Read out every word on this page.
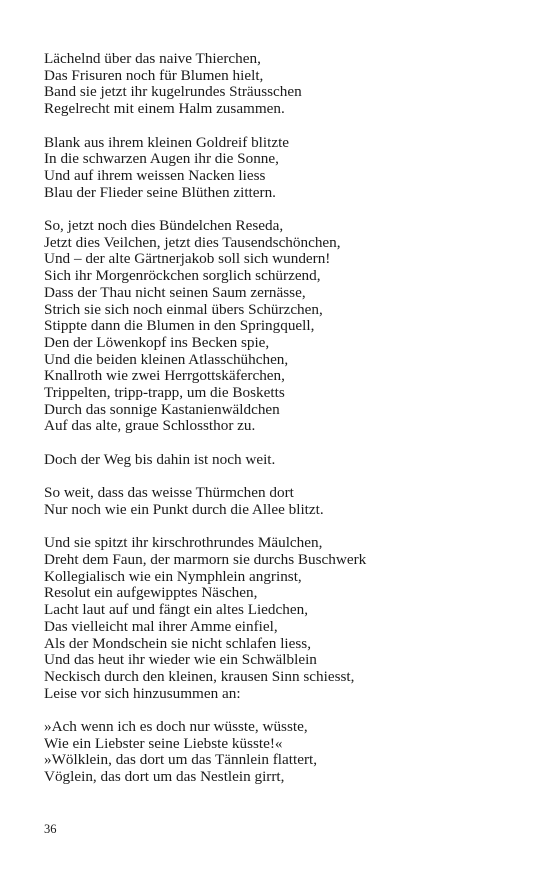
Lächelnd über das naive Thierchen,
Das Frisuren noch für Blumen hielt,
Band sie jetzt ihr kugelrundes Sträusschen
Regelrecht mit einem Halm zusammen.
Blank aus ihrem kleinen Goldreif blitzte
In die schwarzen Augen ihr die Sonne,
Und auf ihrem weissen Nacken liess
Blau der Flieder seine Blüthen zittern.
So, jetzt noch dies Bündelchen Reseda,
Jetzt dies Veilchen, jetzt dies Tausendschönchen,
Und – der alte Gärtnerjakob soll sich wundern!
Sich ihr Morgenröckchen sorglich schürzend,
Dass der Thau nicht seinen Saum zernässe,
Strich sie sich noch einmal übers Schürzchen,
Stippte dann die Blumen in den Springquell,
Den der Löwenkopf ins Becken spie,
Und die beiden kleinen Atlasschühchen,
Knallroth wie zwei Herrgottskäferchen,
Trippelten, tripp-trapp, um die Bosketts
Durch das sonnige Kastanienwäldchen
Auf das alte, graue Schlossthor zu.
Doch der Weg bis dahin ist noch weit.
So weit, dass das weisse Thürmchen dort
Nur noch wie ein Punkt durch die Allee blitzt.
Und sie spitzt ihr kirschrothrundes Mäulchen,
Dreht dem Faun, der marmorn sie durchs Buschwerk
Kollegialisch wie ein Nymphlein angrinst,
Resolut ein aufgewipptes Näschen,
Lacht laut auf und fängt ein altes Liedchen,
Das vielleicht mal ihrer Amme einfiel,
Als der Mondschein sie nicht schlafen liess,
Und das heut ihr wieder wie ein Schwälblein
Neckisch durch den kleinen, krausen Sinn schiesst,
Leise vor sich hinzusummen an:
»Ach wenn ich es doch nur wüsste, wüsste,
Wie ein Liebster seine Liebste küsste!«
»Wölklein, das dort um das Tännlein flattert,
Vöglein, das dort um das Nestlein girrt,
36
